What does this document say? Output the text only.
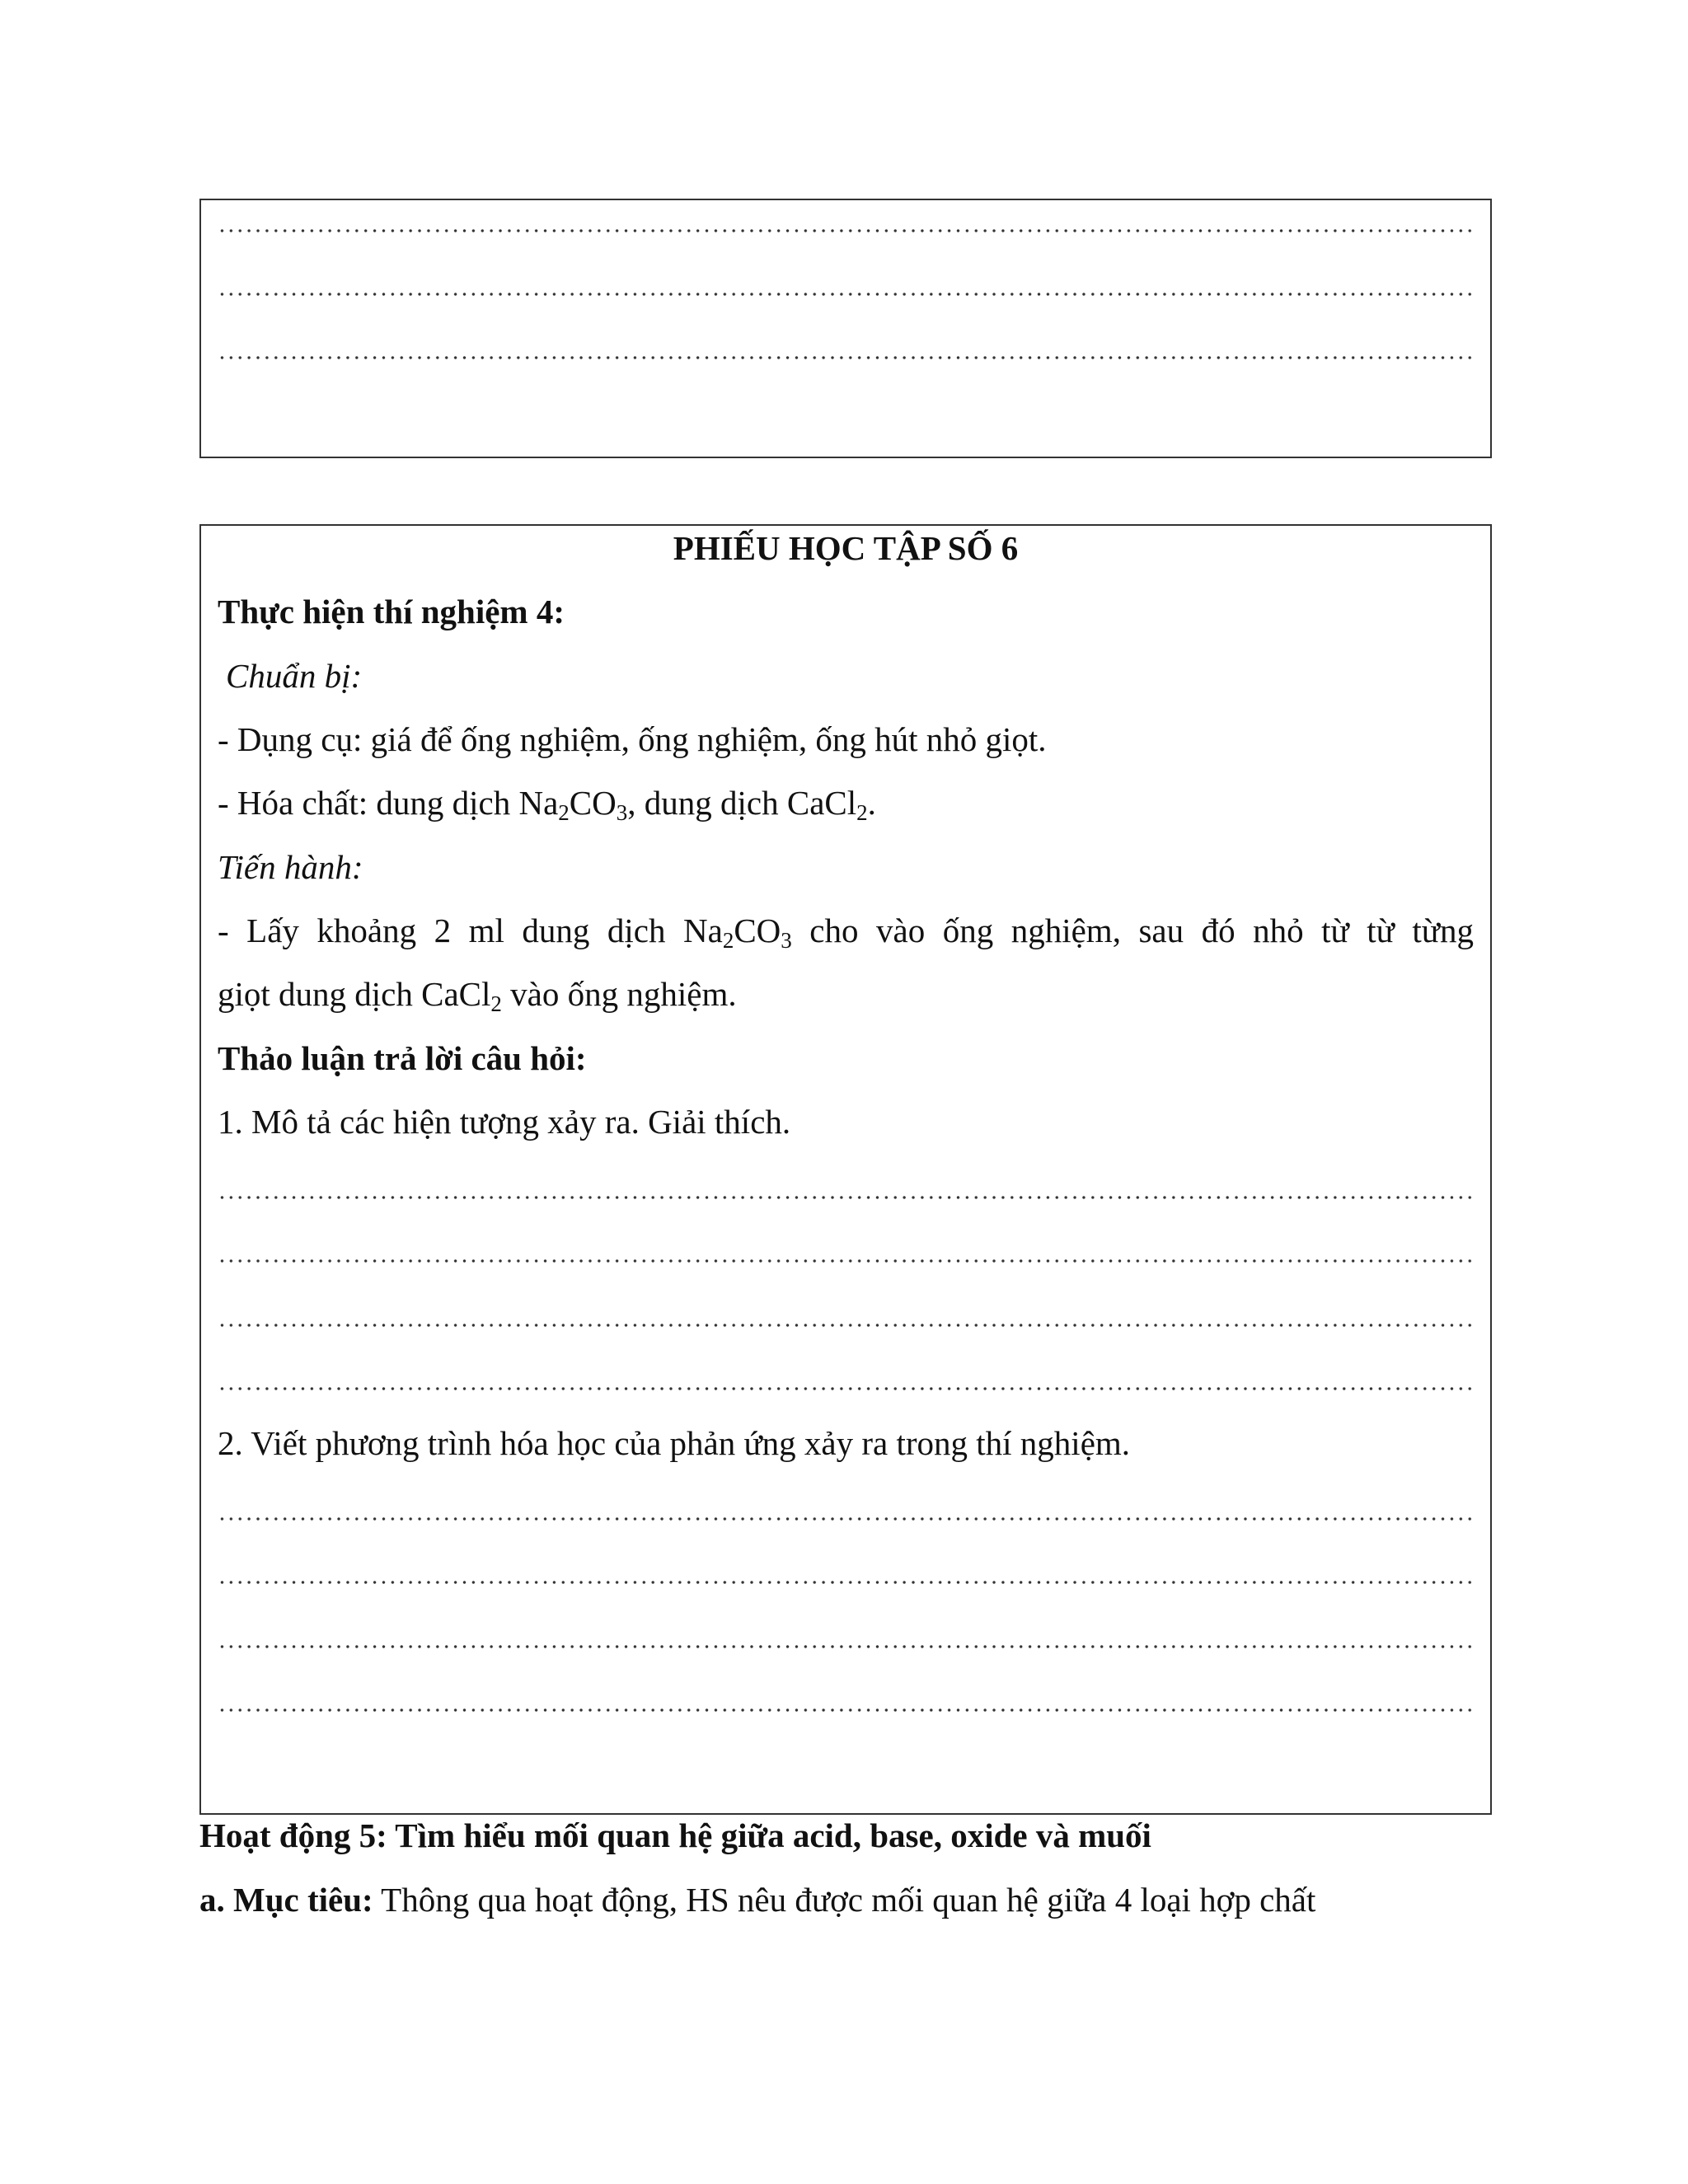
PHIẾU HỌC TẬP SỐ 6
Thực hiện thí nghiệm 4:
Chuẩn bị:
- Dụng cụ: giá để ống nghiệm, ống nghiệm, ống hút nhỏ giọt.
- Hóa chất: dung dịch $Na_2CO_3$, dung dịch CaCl$_2$.
Tiến hành:
- Lấy khoảng 2 ml dung dịch $Na_2CO_3$ cho vào ống nghiệm, sau đó nhỏ từ từ từng
giọt dung dịch CaCl$_2$ vào ống nghiệm.
Thảo luận trả lời câu hỏi:
1. Mô tả các hiện tượng xảy ra. Giải thích.
2. Viết phương trình hóa học của phản ứng xảy ra trong thí nghiệm.
Hoạt động 5: Tìm hiểu mối quan hệ giữa acid, base, oxide và muối
a. Mục tiêu: Thông qua hoạt động, HS nêu được mối quan hệ giữa 4 loại hợp chất
